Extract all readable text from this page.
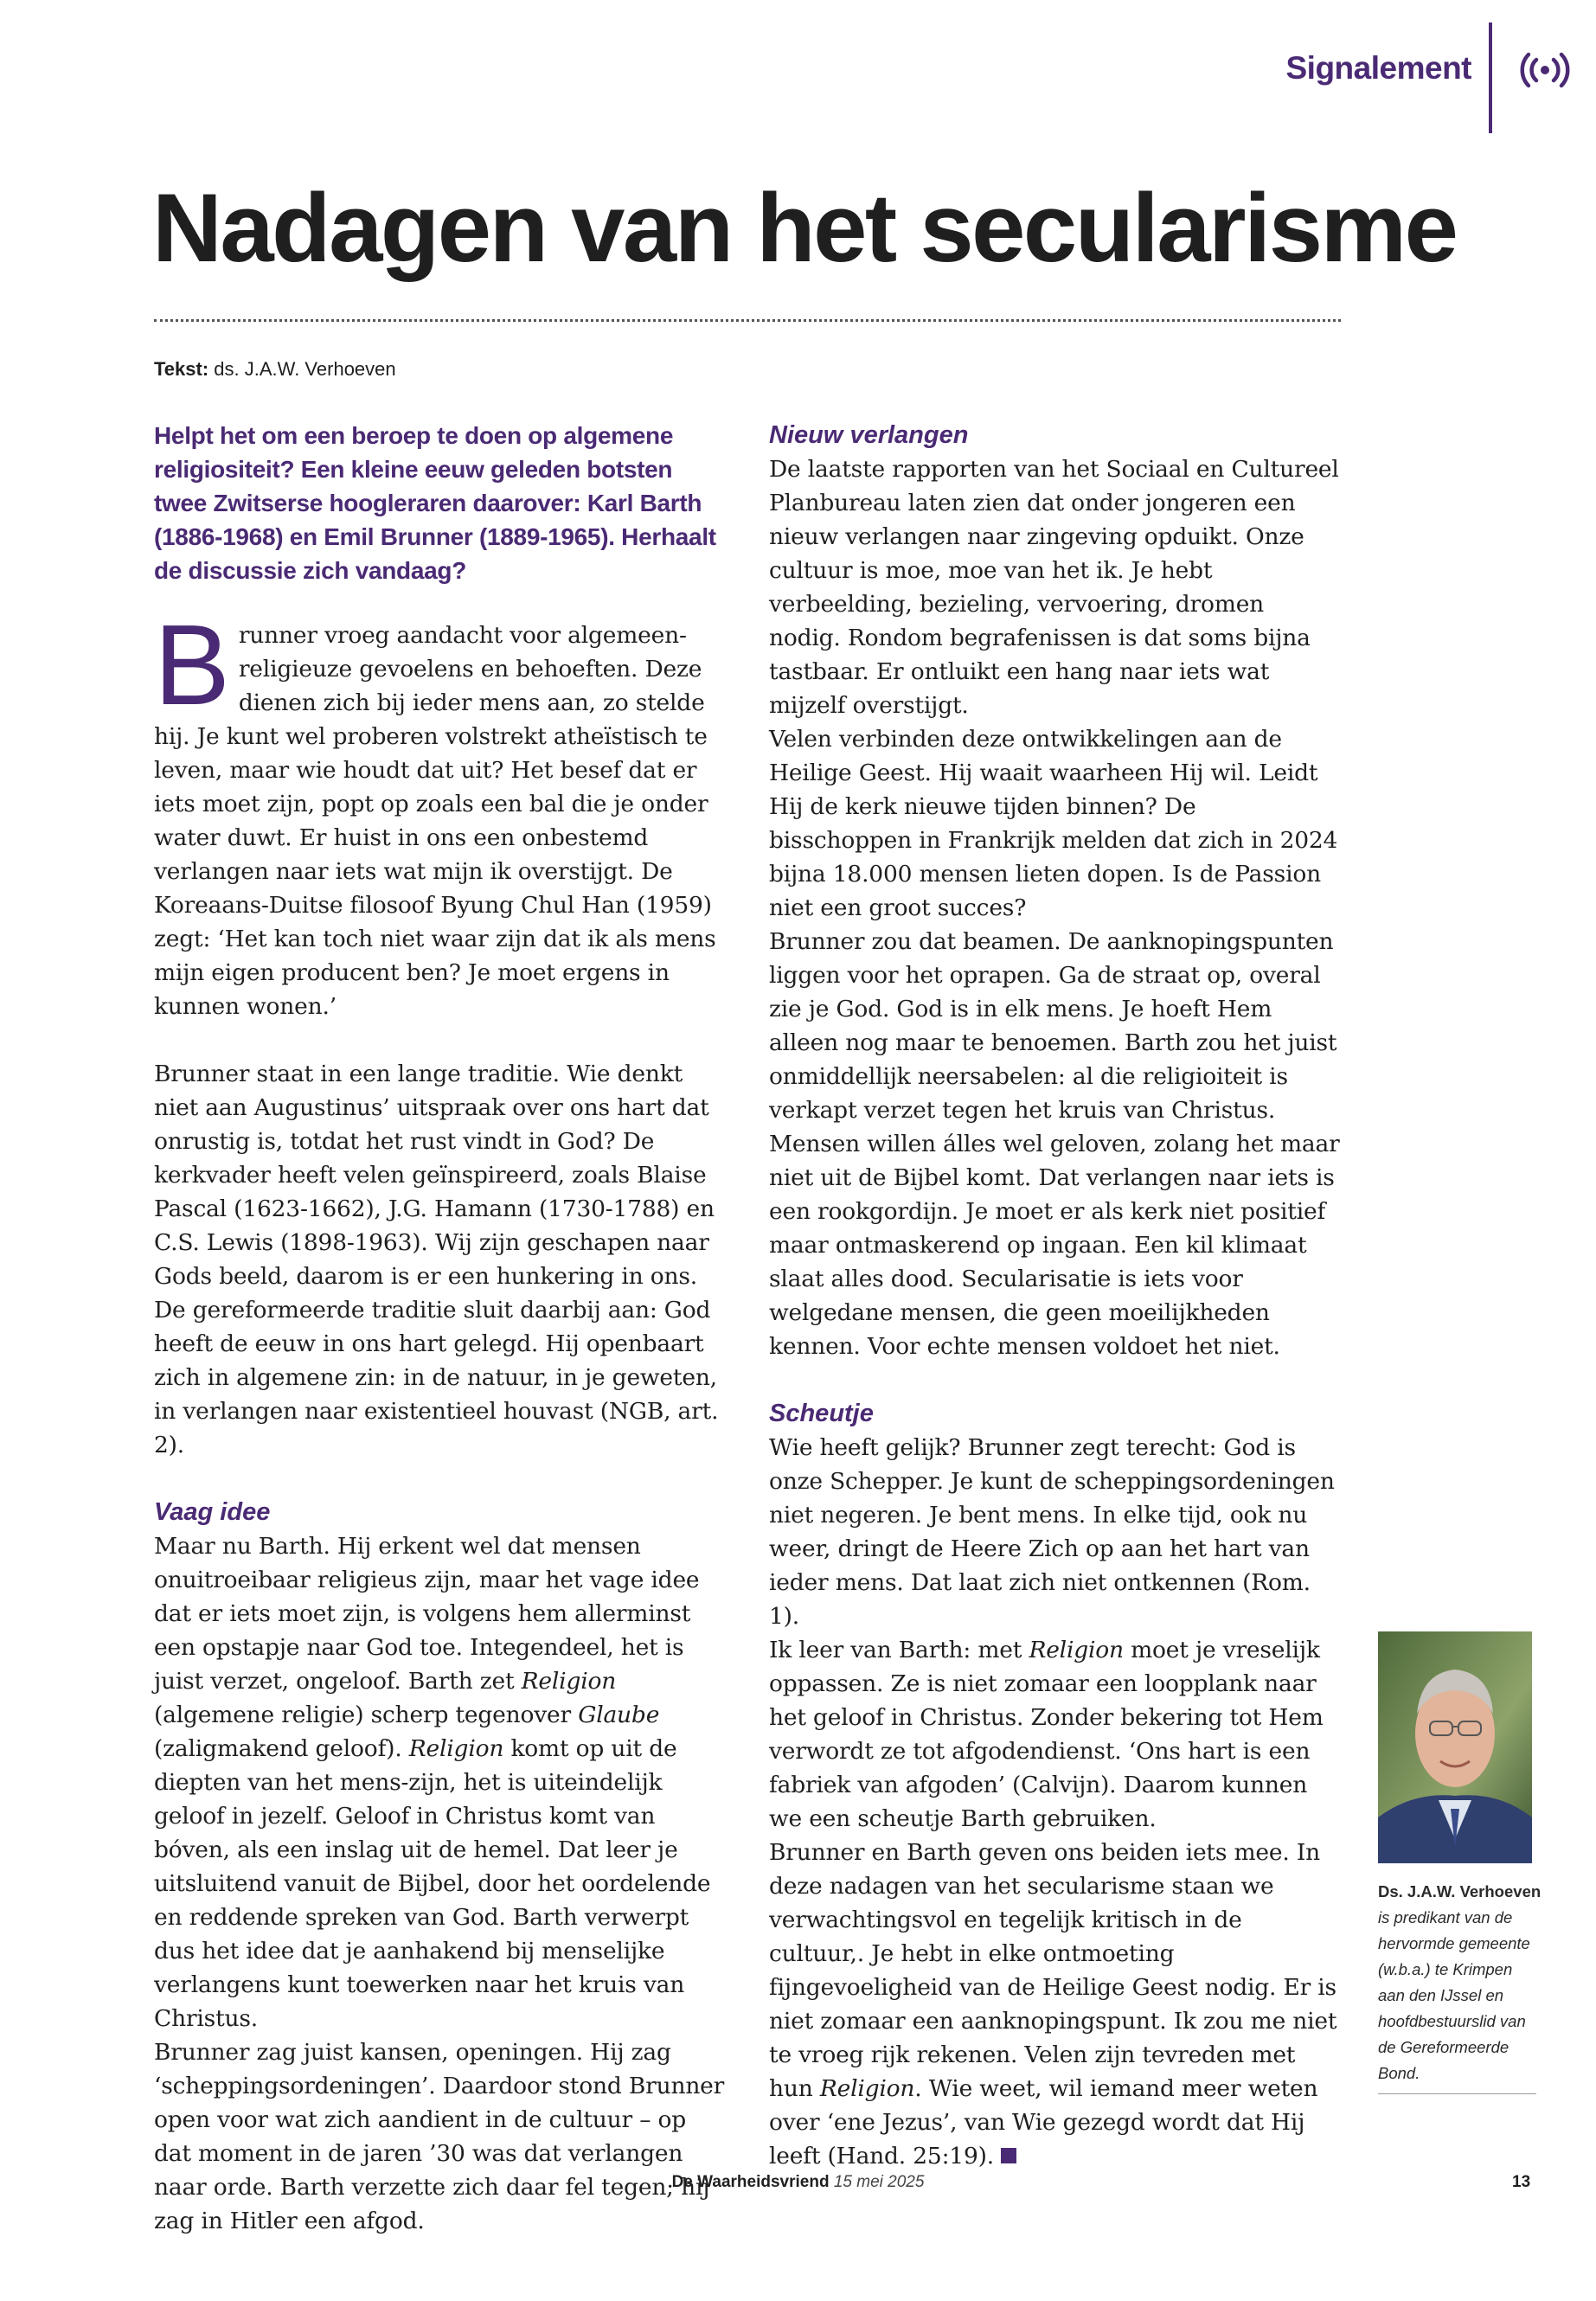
Signalement
Nadagen van het secularisme
Tekst: ds. J.A.W. Verhoeven

Helpt het om een beroep te doen op algemene religiositeit? Een kleine eeuw geleden botsten twee Zwitserse hoogleraren daarover: Karl Barth (1886-1968) en Emil Brunner (1889-1965). Herhaalt de discussie zich vandaag?

Brunner vroeg aandacht voor algemeen-religieuze gevoelens en behoeften. Deze dienen zich bij ieder mens aan, zo stelde hij. Je kunt wel proberen volstrekt atheïstisch te leven, maar wie houdt dat uit? Het besef dat er iets moet zijn, popt op zoals een bal die je onder water duwt. Er huist in ons een onbestemd verlangen naar iets wat mijn ik overstijgt. De Koreaans-Duitse filosoof Byung Chul Han (1959) zegt: ‘Het kan toch niet waar zijn dat ik als mens mijn eigen producent ben? Je moet ergens in kunnen wonen.’

Brunner staat in een lange traditie. Wie denkt niet aan Augustinus’ uitspraak over ons hart dat onrustig is, totdat het rust vindt in God? De kerkvader heeft velen geïnspireerd, zoals Blaise Pascal (1623-1662), J.G. Hamann (1730-1788) en C.S. Lewis (1898-1963). Wij zijn geschapen naar Gods beeld, daarom is er een hunkering in ons. De gereformeerde traditie sluit daarbij aan: God heeft de eeuw in ons hart gelegd. Hij openbaart zich in algemene zin: in de natuur, in je geweten, in verlangen naar existentieel houvast (NGB, art. 2).

Vaag idee

Maar nu Barth. Hij erkent wel dat mensen onuitroeibaar religieus zijn, maar het vage idee dat er iets moet zijn, is volgens hem allerminst een opstapje naar God toe. Integendeel, het is juist verzet, ongeloof. Barth zet Religion (algemene religie) scherp tegenover Glaube (zaligmakend geloof). Religion komt op uit de diepten van het mens-zijn, het is uiteindelijk geloof in jezelf. Geloof in Christus komt van bóven, als een inslag uit de hemel. Dat leer je uitsluitend vanuit de Bijbel, door het oordelende en reddende spreken van God. Barth verwerpt dus het idee dat je aanhakend bij menselijke verlangens kunt toewerken naar het kruis van Christus.

Brunner zag juist kansen, openingen. Hij zag ‘scheppingsordeningen’. Daardoor stond Brunner open voor wat zich aandient in de cultuur – op dat moment in de jaren ’30 was dat verlangen naar orde. Barth verzette zich daar fel tegen; hij zag in Hitler een afgod.

Nieuw verlangen

De laatste rapporten van het Sociaal en Cultureel Planbureau laten zien dat onder jongeren een nieuw verlangen naar zingeving opduikt. Onze cultuur is moe, moe van het ik. Je hebt verbeelding, bezieling, vervoering, dromen nodig. Rondom begrafenissen is dat soms bijna tastbaar. Er ontluikt een hang naar iets wat mijzelf overstijgt.

Velen verbinden deze ontwikkelingen aan de Heilige Geest. Hij waait waarheen Hij wil. Leidt Hij de kerk nieuwe tijden binnen? De bisschoppen in Frankrijk melden dat zich in 2024 bijna 18.000 mensen lieten dopen. Is de Passion niet een groot succes?

Brunner zou dat beamen. De aanknopingspunten liggen voor het oprapen. Ga de straat op, overal zie je God. God is in elk mens. Je hoeft Hem alleen nog maar te benoemen. Barth zou het juist onmiddellijk neersabelen: al die religioiteit is verkapt verzet tegen het kruis van Christus. Mensen willen álles wel geloven, zolang het maar niet uit de Bijbel komt. Dat verlangen naar iets is een rookgordijn. Je moet er als kerk niet positief maar ontmaskerend op ingaan. Een kil klimaat slaat alles dood. Secularisatie is iets voor welgedane mensen, die geen moeilijkheden kennen. Voor echte mensen voldoet het niet.

Scheutje

Wie heeft gelijk? Brunner zegt terecht: God is onze Schepper. Je kunt de scheppingsordeningen niet negeren. Je bent mens. In elke tijd, ook nu weer, dringt de Heere Zich op aan het hart van ieder mens. Dat laat zich niet ontkennen (Rom. 1).

Ik leer van Barth: met Religion moet je vreselijk oppassen. Ze is niet zomaar een loopplank naar het geloof in Christus. Zonder bekering tot Hem verwordt ze tot afgodendienst. ‘Ons hart is een fabriek van afgoden’ (Calvijn). Daarom kunnen we een scheutje Barth gebruiken.

Brunner en Barth geven ons beiden iets mee. In deze nadagen van het secularisme staan we verwachtingsvol en tegelijk kritisch in de cultuur,. Je hebt in elke ontmoeting fijngevoeligheid van de Heilige Geest nodig. Er is niet zomaar een aanknopingspunt. Ik zou me niet te vroeg rijk rekenen. Velen zijn tevreden met hun Religion. Wie weet, wil iemand meer weten over ‘ene Jezus’, van Wie gezegd wordt dat Hij leeft (Hand. 25:19).

Ds. J.A.W. Verhoeven
is predikant van de hervormde gemeente (w.b.a.) te Krimpen aan den IJssel en hoofdbestuurslid van de Gereformeerde Bond.
De Waarheidsvriend 15 mei 2025	13
